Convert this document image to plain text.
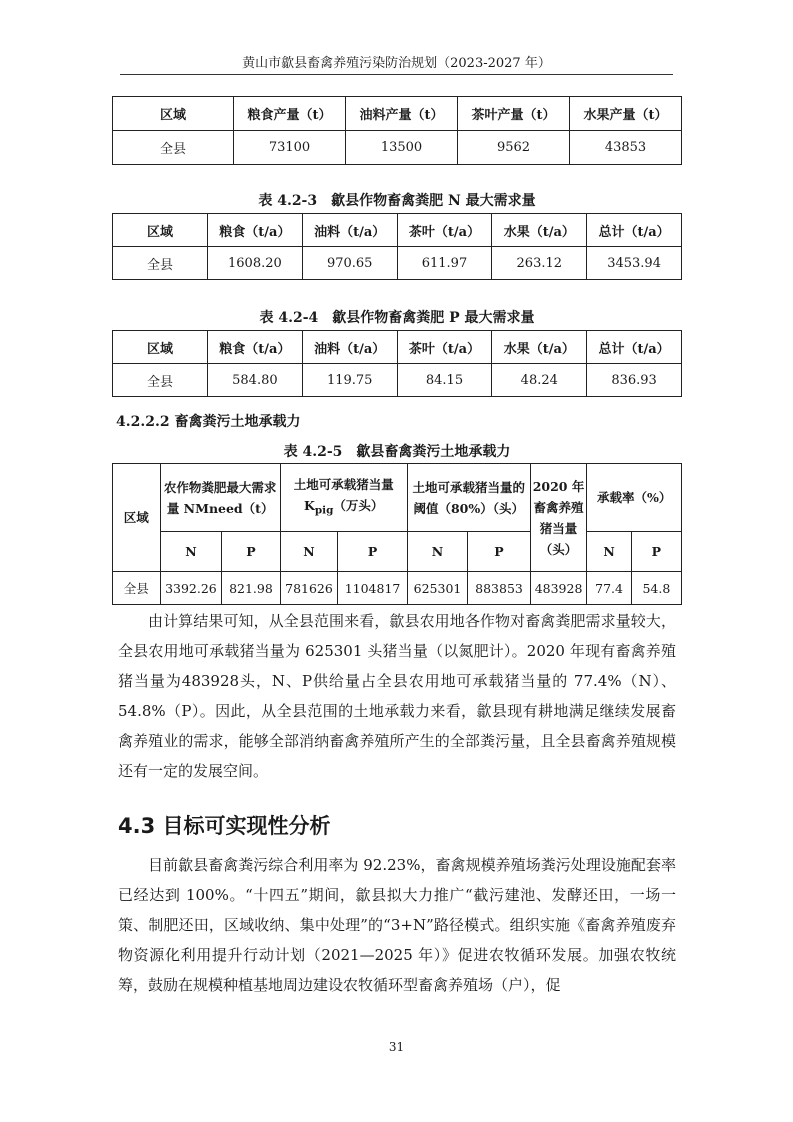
黄山市歙县畜禽养殖污染防治规划（2023-2027 年）
区域	粮食产量（t）	油料产量（t）	茶叶产量（t）	水果产量（t）
全县	73100	13500	9562	43853
表 4.2-3　歙县作物畜禽粪肥 N 最大需求量
区域	粮食（t/a）	油料（t/a）	茶叶（t/a）	水果（t/a）	总计（t/a）
全县	1608.20	970.65	611.97	263.12	3453.94
表 4.2-4　歙县作物畜禽粪肥 P 最大需求量
区域	粮食（t/a）	油料（t/a）	茶叶（t/a）	水果（t/a）	总计（t/a）
全县	584.80	119.75	84.15	48.24	836.93
4.2.2.2 畜禽粪污土地承载力
表 4.2-5　歙县畜禽粪污土地承载力
区域	农作物粪肥最大需求量 NMneed（t）		土地可承载猪当量 $K_{pig}$（万头）		土地可承载猪当量的阈值（80%）（头）		2020 年畜禽养殖猪当量（头）	承载率（%）	
	N	P	N	P	N	P		N	P
全县	3392.26	821.98	781626	1104817	625301	883853	483928	77.4	54.8

由计算结果可知，从全县范围来看，歙县农用地各作物对畜禽粪肥需求量较大，全县农用地可承载猪当量为 625301 头猪当量（以氮肥计）。2020 年现有畜禽养殖猪当量为483928头，N、P供给量占全县农用地可承载猪当量的 77.4%（N）、54.8%（P）。因此，从全县范围的土地承载力来看，歙县现有耕地满足继续发展畜禽养殖业的需求，能够全部消纳畜禽养殖所产生的全部粪污量，且全县畜禽养殖规模还有一定的发展空间。

4.3 目标可实现性分析

目前歙县畜禽粪污综合利用率为 92.23%，畜禽规模养殖场粪污处理设施配套率已经达到 100%。“十四五”期间，歙县拟大力推广“截污建池、发酵还田，一场一策、制肥还田，区域收纳、集中处理”的“3+N”路径模式。组织实施《畜禽养殖废弃物资源化利用提升行动计划（2021—2025 年）》促进农牧循环发展。加强农牧统筹，鼓励在规模种植基地周边建设农牧循环型畜禽养殖场（户），促

31
